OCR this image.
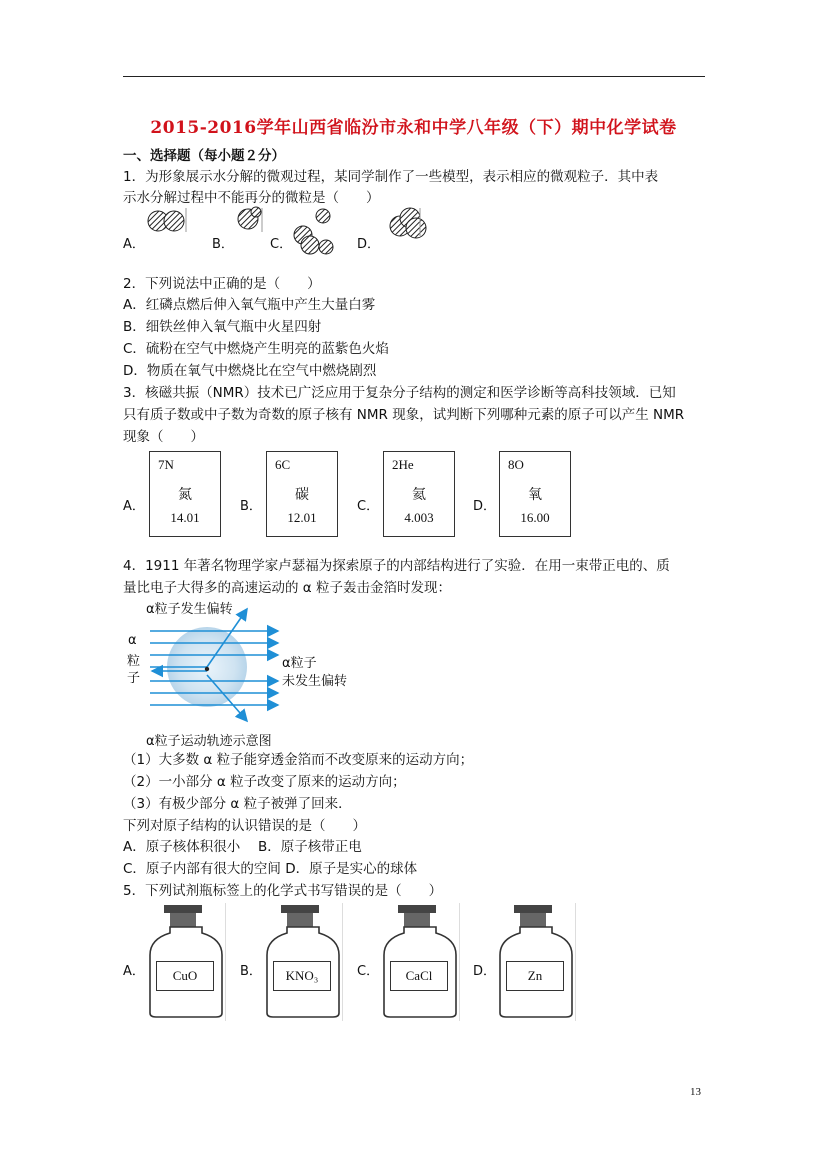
2015-2016学年山西省临汾市永和中学八年级（下）期中化学试卷
一、选择题（每小题２分）
1．为形象展示水分解的微观过程，某同学制作了一些模型，表示相应的微观粒子．其中表
示水分解过程中不能再分的微粒是（　　）
A．	B．	C．	D．
2．下列说法中正确的是（　　）
A．红磷点燃后伸入氧气瓶中产生大量白雾
B．细铁丝伸入氧气瓶中火星四射
C．硫粉在空气中燃烧产生明亮的蓝紫色火焰
D．物质在氧气中燃烧比在空气中燃烧剧烈
3．核磁共振（NMR）技术已广泛应用于复杂分子结构的测定和医学诊断等高科技领域．已知
只有质子数或中子数为奇数的原子核有 NMR 现象，试判断下列哪种元素的原子可以产生 NMR
现象（　　）
A．
7N
氮
14.01
B．
6C
碳
12.01
C．
2He
氦
4.003
D．
8O
氧
16.00
4．1911 年著名物理学家卢瑟福为探索原子的内部结构进行了实验．在用一束带正电的、质
量比电子大得多的高速运动的 α 粒子轰击金箔时发现：
α粒子发生偏转
α
粒
子
α粒子
未发生偏转
α粒子运动轨迹示意图
（1）大多数 α 粒子能穿透金箔而不改变原来的运动方向；
（2）一小部分 α 粒子改变了原来的运动方向；
（3）有极少部分 α 粒子被弹了回来．
下列对原子结构的认识错误的是（　　）
A．原子核体积很小　 B．原子核带正电
C．原子内部有很大的空间 D．原子是实心的球体
5．下列试剂瓶标签上的化学式书写错误的是（　　）
A．	CuO	B．	KNO₃	C．	CaCl	D．	Zn
13
